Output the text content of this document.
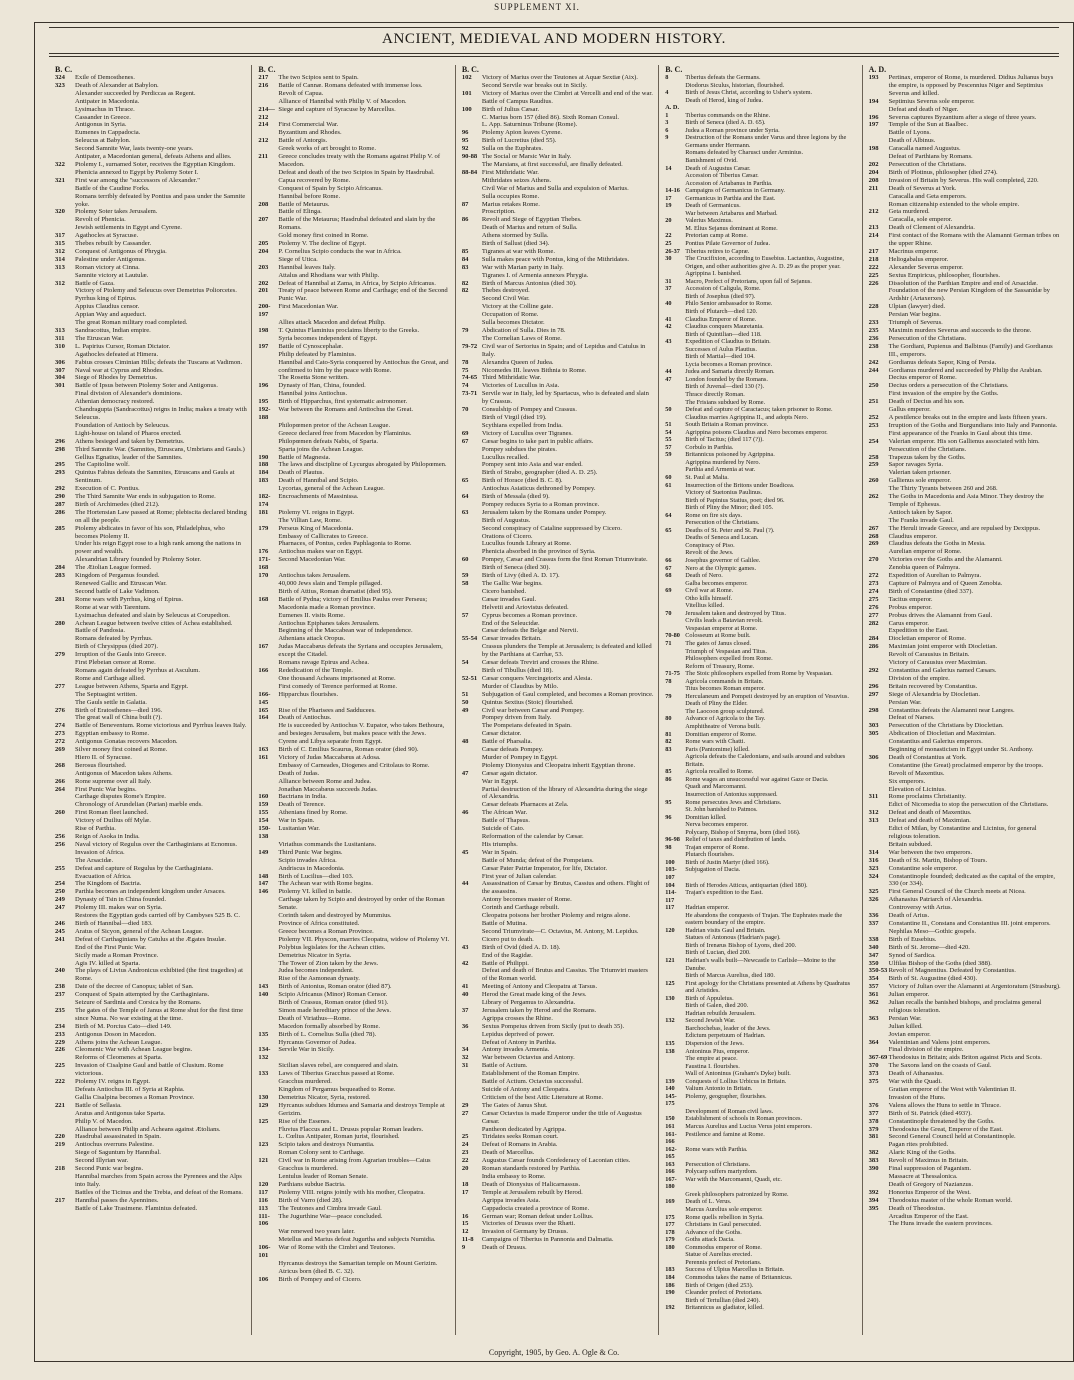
SUPPLEMENT XI.
ANCIENT, MEDIEVAL AND MODERN HISTORY.
B. C.
324	Exile of Demosthenes.
323	Death of Alexander at Babylon.
Alexander succeeded by Perdiccas as Regent.
Antipater in Macedonia.
Lysimachus in Thrace.
Cassander in Greece.
Antigonus in Syria.
Eumenes in Cappadocia.
Seleucus at Babylon.
Second Samnite War, lasts twenty-one years.
Antipater, a Macedonian general, defeats Athens and allies.
322	Ptolemy I., surnamed Soter, receives the Egyptian Kingdom.
Phenicia annexed to Egypt by Ptolemy Soter I.
321	First war among the "successors of Alexander."
Battle of the Caudine Forks.
Romans terribly defeated by Pontius and pass under the Samnite yoke.
320	Ptolemy Soter takes Jerusalem.
Revolt of Phenicia.
Jewish settlements in Egypt and Cyrene.
317	Agathocles at Syracuse.
315	Thebes rebuilt by Cassander.
312	Conquest of Antigonus of Phrygia.
314	Palestine under Antigonus.
313	Roman victory at Cinna.
Samnite victory at Lautulæ.
312	Battle of Gaza.
Victory of Ptolemy and Seleucus over Demetrius Poliorcetes.
Pyrrhus king of Epirus.
Appius Claudius censor.
Appian Way and aqueduct.
The great Roman military road completed.
313	Sandracottus, Indian empire.
311	The Etruscan War.
310	L. Papirius Cursor, Roman Dictator.
Agathocles defeated at Himera.
306	Fabius crosses Ciminian Hills; defeats the Tuscans at Vadimon.
307	Naval war at Cyprus and Rhodes.
304	Siege of Rhodes by Demetrius.
301	Battle of Ipsus between Ptolemy Soter and Antigonus.
Final division of Alexander's dominions.
Athenian democracy restored.
Chandragupta (Sandracottus) reigns in India; makes a treaty with Seleucus.
Foundation of Antioch by Seleucus.
Light-house on island of Pharos erected.
296	Athens besieged and taken by Demetrius.
298	Third Samnite War. (Samnites, Etruscans, Umbrians and Gauls.)
Gellius Egnatius, leader of the Samnites.
295	The Capitoline wolf.
293	Quintus Fabius defeats the Samnites, Etruscans and Gauls at Sentinum.
292	Execution of C. Pontius.
290	The Third Samnite War ends in subjugation to Rome.
287	Birth of Archimedes (died 212).
286	The Hortensian Law passed at Rome; plebiscita declared binding on all the people.
285	Ptolemy abdicates in favor of his son, Philadelphus, who becomes Ptolemy II.
Under his reign Egypt rose to a high rank among the nations in power and wealth.
Alexandrian Library founded by Ptolemy Soter.
284	The Ætolian League formed.
283	Kingdom of Pergamus founded.
Renewed Gallic and Etruscan War.
Second battle of Lake Vadimon.
281	Rome wars with Pyrrhus, king of Epirus.
Rome at war with Tarentum.
Lysimachus defeated and slain by Seleucus at Corupedion.
280	Achean League between twelve cities of Achea established.
Battle of Pandosia.
Romans defeated by Pyrrhus.
Birth of Chrysippus (died 207).
279	Irruption of the Gauls into Greece.
First Plebeian censor at Rome.
Romans again defeated by Pyrrhus at Asculum.
Rome and Carthage allied.
277	League between Athens, Sparta and Egypt.
The Septuagint written.
The Gauls settle in Galatia.
276	Birth of Eratosthenes—died 196.
The great wall of China built (?).
274	Battle of Beneventum. Rome victorious and Pyrrhus leaves Italy.
273	Egyptian embassy to Rome.
272	Antigonus Gonatas recovers Macedon.
269	Silver money first coined at Rome.
Hiero II. of Syracuse.
268	Berosus flourished.
Antigonus of Macedon takes Athens.
266	Rome supreme over all Italy.
264	First Punic War begins.
Carthage disputes Rome's Empire.
Chronology of Arundelian (Parian) marble ends.
260	First Roman fleet launched.
Victory of Duilius off Mylæ.
Rise of Parthia.
256	Reign of Asoka in India.
256	Naval victory of Regulus over the Carthaginians at Ecnomus.
Invasion of Africa.
The Arsacidæ.
255	Defeat and capture of Regulus by the Carthaginians.
Evacuation of Africa.
254	The Kingdom of Bactria.
250	Parthia becomes an independent kingdom under Arsaces.
249	Dynasty of Tsin in China founded.
247	Ptolemy III. makes war on Syria.
Restores the Egyptian gods carried off by Cambyses 525 B. C.
246	Birth of Hannibal—died 183.
245	Aratus of Sicyon, general of the Achean League.
241	Defeat of Carthaginians by Catulus at the Ægates Insulæ.
End of the First Punic War.
Sicily made a Roman Province.
Agis IV. killed at Sparta.
240	The plays of Livius Andronicus exhibited (the first tragedies) at Rome.
238	Date of the decree of Canopus; tablet of San.
237	Conquest of Spain attempted by the Carthaginians.
Seizure of Sardinia and Corsica by the Romans.
235	The gates of the Temple of Janus at Rome shut for the first time since Numa. No war existing at the time.
234	Birth of M. Porcius Cato—died 149.
233	Antigonus Doson in Macedon.
229	Athens joins the Achean League.
226	Cleomenic War with Achean League begins.
Reforms of Cleomenes at Sparta.
225	Invasion of Cisalpine Gaul and battle of Clusium. Rome victorious.
222	Ptolemy IV. reigns in Egypt.
Defeats Antiochus III. of Syria at Raphia.
Gallia Cisalpina becomes a Roman Province.
221	Battle of Sellasia.
Aratus and Antigonus take Sparta.
Philip V. of Macedon.
Alliance between Philip and Acheans against Ætolians.
220	Hasdrubal assassinated in Spain.
219	Antiochus overruns Palestine.
Siege of Saguntum by Hannibal.
Second Illyrian war.
218	Second Punic war begins.
Hannibal marches from Spain across the Pyrenees and the Alps into Italy.
Battles of the Ticinus and the Trebia, and defeat of the Romans.
217	Hannibal passes the Apennines.
Battle of Lake Trasimene. Flaminius defeated.
B. C.
217	The two Scipios sent to Spain.
216	Battle of Cannæ. Romans defeated with immense loss.
Revolt of Capua.
Alliance of Hannibal with Philip V. of Macedon.
214—212
Siege and capture of Syracuse by Marcellus.
214	First Commercial War.
Byzantium and Rhodes.
212	Battle of Antorgis.
Greek works of art brought to Rome.
211	Greece concludes treaty with the Romans against Philip V. of Macedon.
Defeat and death of the two Scipios in Spain by Hasdrubal.
Capua recovered by Rome.
Conquest of Spain by Scipio Africanus.
Hannibal before Rome.
208	Battle of Metaurus.
Battle of Elinga.
207	Battle of the Metaurus; Hasdrubal defeated and slain by the Romans.
Gold money first coined in Rome.
205	Ptolemy V. The decline of Egypt.
204	P. Cornelius Scipio conducts the war in Africa.
Siege of Utica.
203	Hannibal leaves Italy.
Attalus and Rhodians war with Philip.
202	Defeat of Hannibal at Zama, in Africa, by Scipio Africanus.
201	Treaty of peace between Rome and Carthage; end of the Second Punic War.
200-197
First Macedonian War.
Allies attack Macedon and defeat Philip.
198	T. Quintus Flaminius proclaims liberty to the Greeks.
Syria becomes independent of Egypt.
197	Battle of Cynoscephalæ.
Philip defeated by Flaminius.
Hannibal and Cato-Syria conquered by Antiochus the Great, and confirmed to him by the peace with Rome.
The Rosetta Stone written.
196	Dynasty of Han, China, founded.
Hannibal joins Antiochus.
195	Birth of Hipparchus, first systematic astronomer.
192-188
War between the Romans and Antiochus the Great.
Philopœmen pretor of the Achean League.
Greece declared free from Macedon by Flaminius.
Philopœmen defeats Nabis, of Sparta.
Sparta joins the Achean League.
190	Battle of Magnesia.
188	The laws and discipline of Lycurgus abrogated by Philopœmen.
184	Death of Plautus.
183	Death of Hannibal and Scipio.
Lycortas, general of the Achean League.
182-174
Encroachments of Massinissa.
181	Ptolemy VI. reigns in Egypt.
The Villian Law, Rome.
179	Perseus King of Macedonia.
Embassy of Callicrates to Greece.
Pharnaces, of Pontus, cedes Paphlagonia to Rome.
176	Antiochus makes war on Egypt.
171-168
Second Macedonian War.
170	Antiochus takes Jerusalem.
40,000 Jews slain and Temple pillaged.
Birth of Attius, Roman dramatist (died 95).
168	Battle of Pydna; victory of Emilius Paulus over Perseus; Macedonia made a Roman province.
Eumenes II. visits Rome.
Antiochus Epiphanes takes Jerusalem.
Beginning of the Maccabean war of independence.
Athenians attack Oropus.
167	Judas Maccabæus defeats the Syrians and occupies Jerusalem, except the Citadel.
Romans ravage Epirus and Achea.
166	Rededication of the Temple.
One thousand Acheans imprisoned at Rome.
First comedy of Terence performed at Rome.
166-145
Hipparchus flourishes.
165	Rise of the Pharisees and Sadducees.
164	Death of Antiochus.
He is succeeded by Antiochus V. Eupator, who takes Bethoura, and besieges Jerusalem, but makes peace with the Jews.
Cyrene and Libya separate from Egypt.
163	Birth of C. Emilius Scaurus, Roman orator (died 90).
161	Victory of Judas Maccabæus at Adosa.
Embassy of Carneades, Diogenes and Critolaus to Rome.
Death of Judas.
Alliance between Rome and Judea.
Jonathan Maccabæus succeeds Judas.
160	Bactrians in India.
159	Death of Terence.
155	Athenians fined by Rome.
154	War in Spain.
150-138
Lusitanian War.
Viriathus commands the Lusitanians.
149	Third Punic War begins.
Scipio invades Africa.
Andriscus in Macedonia.
148	Birth of Lucilius—died 103.
147	The Achean war with Rome begins.
146	Ptolemy VI. killed in battle.
Carthage taken by Scipio and destroyed by order of the Roman Senate.
Corinth taken and destroyed by Mummius.
Province of Africa constituted.
Greece becomes a Roman Province.
Ptolemy VII. Physcon, marries Cleopatra, widow of Ptolemy VI.
Polybius legislates for the Achean cities.
Demetrius Nicator in Syria.
The Tower of Zion taken by the Jews.
Judea becomes independent.
Rise of the Asmonean dynasty.
143	Birth of Antonius, Roman orator (died 87).
140	Scipio Africanus (Minor) Roman Censor.
Birth of Crassus, Roman orator (died 91).
Simon made hereditary prince of the Jews.
Death of Viriathus—Rome.
Macedon formally absorbed by Rome.
135	Birth of L. Cornelius Sulla (died 78).
Hyrcanus Governor of Judea.
134-132
Servile War in Sicily.
Sicilian slaves rebel, are conquered and slain.
133	Laws of Tiberius Gracchus passed at Rome.
Gracchus murdered.
Kingdom of Pergamus bequeathed to Rome.
130	Demetrius Nicator, Syria, restored.
129	Hyrcanus subdues Idumea and Samaria and destroys Temple at Gerizim.
125	Rise of the Essenes.
Fluvius Flaccus and L. Drusus popular Roman leaders.
L. Cœlius Antipater, Roman jurist, flourished.
123	Scipio takes and destroys Numantia.
Roman Colony sent to Carthage.
121	Civil war in Rome arising from Agrarian troubles—Caius Gracchus is murdered.
Lentulus leader of Roman Senate.
120	Parthians subdue Bactria.
117	Ptolemy VIII. reigns jointly with his mother, Cleopatra.
116	Birth of Varro (died 28).
113	The Teutones and Cimbra invade Gaul.
111-106
The Jugurthine War—peace concluded.
War renewed two years later.
Metellus and Marius defeat Jugurtha and subjects Numidia.
106-101
War of Rome with the Cimbri and Teutones.
Hyrcanus destroys the Samaritan temple on Mount Gerizim.
Atricus born (died B. C. 32).
106	Birth of Pompey and of Cicero.
B. C.
102	Victory of Marius over the Teutones at Aquæ Sextiæ (Aix).
Second Servile war breaks out in Sicily.
101	Victory of Marius over the Cimbri at Vercelli and end of the war.
Battle of Campus Raudius.
100	Birth of Julius Cæsar.
C. Marius born 157 (died 86). Sixth Roman Consul.
L. App. Saturninus Tribune (Rome).
96	Ptolemy Apion leaves Cyrene.
95	Birth of Lucretius (died 55).
92	Sulla on the Euphrates.
90-88 The Social or Marsic War in Italy.
The Marsians, at first successful, are finally defeated.
88-84 First Mithridatic War.
Mithridates seizes Athens.
Civil War of Marius and Sulla and expulsion of Marius.
Sulla occupies Rome.
87	Marius retakes Rome.
Proscription.
86	Revolt and Siege of Egyptian Thebes.
Death of Marius and return of Sulla.
Athens stormed by Sulla.
Birth of Sallust (died 34).
85	Tigranes at war with Rome.
84	Sulla makes peace with Pontus, king of the Mithridates.
83	War with Marian party in Italy.
Tigranes I. of Armenia annexes Phrygia.
82	Birth of Marcus Antonius (died 30).
82	Thebes destroyed.
Second Civil War.
Victory at the Colline gate.
Occupation of Rome.
Sulla becomes Dictator.
79	Abdication of Sulla. Dies in 78.
The Cornelian Laws of Rome.
79-72 Civil war of Sertorius in Spain; and of Lepidus and Catulus in Italy.
78	Alexandra Queen of Judea.
75	Nicomedes III. leaves Bithnia to Rome.
74-65 Third Mithridatic War.
74	Victories of Lucullus in Asia.
73-71 Servile war in Italy, led by Spartacus, who is defeated and slain by Crassus.
70	Consulship of Pompey and Crassus.
Birth of Virgil (died 19).
Scythians expelled from India.
69	Victory of Lucullus over Tigranes.
67	Cæsar begins to take part in public affairs.
Pompey subdues the pirates.
Lucullus recalled.
Pompey sent into Asia and war ended.
Birth of Strabo, geographer (died A. D. 25).
65	Birth of Horace (died B. C. 8).
Antiochus Asiaticus dethroned by Pompey.
64	Birth of Messala (died 9).
Pompey reduces Syria to a Roman province.
63	Jerusalem taken by the Romans under Pompey.
Birth of Augustus.
Second conspiracy of Cataline suppressed by Cicero.
Orations of Cicero.
Lucullus founds Library at Rome.
Phenicia absorbed in the province of Syria.
60	Pompey, Cæsar and Crassus form the first Roman Triumvirate.
Birth of Seneca (died 30).
59	Birth of Livy (died A. D. 17).
58	The Gallic War begins.
Cicero banished.
Cæsar invades Gaul.
Helvetii and Ariovistus defeated.
57	Cyprus becomes a Roman province.
End of the Seleucidæ.
Cæsar defeats the Belgæ and Nervii.
55-54 Cæsar invades Britain.
Crassus plunders the Temple at Jerusalem; is defeated and killed by the Parthians at Carrhæ, 53.
54	Cæsar defeats Treviri and crosses the Rhine.
Birth of Tibullus (died 18).
52-51 Cæsar conquers Vercingetorix and Alesia.
Murder of Claudius by Milo.
51	Subjugation of Gaul completed, and becomes a Roman province.
50	Quintus Sextius (Stoic) flourished.
49	Civil war between Cæsar and Pompey.
Pompey driven from Italy.
The Pompeians defeated in Spain.
Cæsar dictator.
48	Battle of Pharsalia.
Cæsar defeats Pompey.
Murder of Pompey in Egypt.
Ptolemy Dionysius and Cleopatra inherit Egyptian throne.
47	Cæsar again dictator.
War in Egypt.
Partial destruction of the library of Alexandria during the siege of Alexandria.
Cæsar defeats Pharnaces at Zela.
46	The African War.
Battle of Thapsus.
Suicide of Cato.
Reformation of the calendar by Cæsar.
His triumphs.
45	War in Spain.
Battle of Munda; defeat of the Pompeians.
Cæsar Pater Patriæ Imperator, for life, Dictator.
First year of Julian calendar.
44	Assassination of Cæsar by Brutus, Cassius and others. Flight of the assassins.
Antony becomes master of Rome.
Corinth and Carthage rebuilt.
Cleopatra poisons her brother Ptolemy and reigns alone.
Battle of Mutina.
Second Triumvirate—C. Octavius, M. Antony, M. Lepidus.
Cicero put to death.
43	Birth of Ovid (died A. D. 18).
End of the Ragidæ.
42	Battle of Philippi.
Defeat and death of Brutus and Cassius. The Triumviri masters of the Roman world.
41	Meeting of Antony and Cleopatra at Tarsus.
40	Herod the Great made king of the Jews.
Library of Pergamus to Alexandria.
37	Jerusalem taken by Herod and the Romans.
Agrippa crosses the Rhine.
36	Sextus Pompeius driven from Sicily (put to death 35).
Lepidus deprived of power.
Defeat of Antony in Parthia.
34	Antony invades Armenia.
32	War between Octavius and Antony.
31	Battle of Actium.
Establishment of the Roman Empire.
Battle of Actium. Octavius successful.
Suicide of Antony and Cleopatra.
Criticism of the best Attic Literature at Rome.
29	The Gates of Janus Shut.
27	Cæsar Octavius is made Emperor under the title of Augustus Cæsar.
Pantheon dedicated by Agrippa.
25	Tiridates seeks Roman court.
24	Defeat of Romans in Arabia.
23	Death of Marcellus.
22	Augustus Cæsar founds Confederacy of Laconian cities.
20	Roman standards restored by Parthia.
India embassy to Rome.
18	Death of Dionysius of Halicarnassus.
17	Temple at Jerusalem rebuilt by Herod.
Agrippa invades Asia.
Cappadocia created a province of Rome.
16	German war; Roman defeat under Lollius.
15	Victories of Drusus over the Rhæti.
12	Invasion of Germany by Drusus.
11-8	Campaigns of Tiberius in Pannonia and Dalmatia.
9	Death of Drusus.
B. C.
8	Tiberius defeats the Germans.
Diodorus Siculus, historian, flourished.
4	Birth of Jesus Christ, according to Usher's system.
Death of Herod, king of Judea.
A. D.
1	Tiberius commands on the Rhine.
3	Birth of Seneca (died A. D. 65).
6	Judea a Roman province under Syria.
9	Destruction of the Romans under Varus and three legions by the Germans under Hermann.
Romans defeated by Charusci under Arminius.
Banishment of Ovid.
14	Death of Augustus Cæsar.
Accession of Tiberius Cæsar.
Accession of Artabanus in Parthia.
14-16 Campaigns of Germanicus in Germany.
17	Germanicus in Parthia and the East.
19	Death of Germanicus.
War between Artabarus and Marbad.
20	Valerius Maximus.
M. Elius Sejanus dominant at Rome.
22	Pretorian camp at Rome.
25	Pontius Pilate Governor of Judea.
26-37 Tiberius retires to Capræ.
30	The Crucifixion, according to Eusebius. Lactantius, Augustine, Origen, and other authorities give A. D. 29 as the proper year.
Agrippina I. banished.
31	Macro, Prefect of Pretorians, upon fall of Sejanus.
37	Accession of Caligula, Rome.
Birth of Josephus (died 97).
40	Philo Senior ambassador to Rome.
Birth of Plutarch—died 120.
41	Claudius Emperor of Rome.
42	Claudius conquers Mauretania.
Birth of Quintilian—died 118.
43	Expedition of Claudius to Britain.
Successes of Aulus Plautius.
Birth of Martial—died 104.
Lycia becomes a Roman province.
44	Judea and Samaria directly Roman.
47	London founded by the Romans.
Birth of Juvenal—died 130 (?).
Thrace directly Roman.
The Frisians subdued by Rome.
50	Defeat and capture of Caractacus; taken prisoner to Rome.
Claudius marries Agrippina II., and adopts Nero.
51	South Britain a Roman province.
54	Agrippina poisons Claudius and Nero becomes emperor.
55	Birth of Tacitus; (died 117 (?)).
57	Corbulo in Parthia.
59	Britannicus poisoned by Agrippina.
Agrippina murdered by Nero.
Parthia and Armenia at war.
60	St. Paul at Malta.
61	Insurrection of the Britons under Boadicea.
Victory of Suetonius Paulinus.
Birth of Papinius Statius, poet; died 96.
Birth of Pliny the Minor; died 105.
64	Rome on fire six days.
Persecution of the Christians.
65	Deaths of St. Peter and St. Paul (?).
Deaths of Seneca and Lucan.
Conspiracy of Piso.
Revolt of the Jews.
66	Josephus governor of Galilee.
67	Nero at the Olympic games.
68	Death of Nero.
Galba becomes emperor.
69	Civil war at Rome.
Otho kills himself.
Vitellius killed.
70	Jerusalem taken and destroyed by Titus.
Civilis leads a Batavian revolt.
Vespasian emperor at Rome.
70-80 Colosseum at Rome built.
71	The gates of Janus closed.
Triumph of Vespasian and Titus.
Philosophers expelled from Rome.
Reform of Treasury, Rome.
71-75 The Stoic philosophers expelled from Rome by Vespasian.
78	Agricola commands in Britain.
Titus becomes Roman emperor.
79	Herculaneum and Pompeii destroyed by an eruption of Vesuvius.
Death of Pliny the Elder.
The Laocoon group sculptured.
80	Advance of Agricola to the Tay.
Amphitheatre of Verona built.
81	Domitian emperor of Rome.
82	Rome wars with Chatti.
83	Paris (Pantomime) killed.
Agricola defeats the Caledonians, and sails around and subdues Britain.
85	Agricola recalled to Rome.
86	Rome wages an unsuccessful war against Gaze or Dacia.
Quadi and Marcomanni.
Insurrection of Antonius suppressed.
95	Rome persecutes Jews and Christians.
St. John banished to Patmos.
96	Domitian killed.
Nerva becomes emperor.
Polycarp, Bishop of Smyrna, born (died 166).
96-98 Relief of taxes and distribution of lands.
98	Trajan emperor of Rome.
Plutarch flourishes.
100	Birth of Justin Martyr (died 166).
103-107
Subjugation of Dacia.
104	Birth of Herodes Atticus, antiquarian (died 180).
114-117
Trajan's expedition to the East.
117	Hadrian emperor.
He abandons the conquests of Trajan. The Euphrates made the eastern boundary of the empire.
120	Hadrian visits Gaul and Britain.
Statues of Antonous (Hadrian's page).
Birth of Irenæus Bishop of Lyons, died 200.
Birth of Lucian, died 200.
121	Hadrian's walls built—Newcastle to Carlisle—Moine to the Danube.
Birth of Marcus Aurelius, died 180.
125	First apology for the Christians presented at Athens by Quadratus and Aristides.
130	Birth of Appuleius.
Birth of Galen, died 200.
Hadrian rebuilds Jerusalem.
132	Second Jewish War.
Barchochebas, leader of the Jews.
Edictum perpetuum of Hadrian.
135	Dispersion of the Jews.
138	Antoninus Pius, emperor.
The empire at peace.
Faustina I. flourishes.
Wall of Antoninus (Graham's Dyke) built.
139	Conquests of Lollius Urbicus in Britain.
140	Valium Antonio in Britain.
145-175
Ptolemy, geographer, flourishes.
Development of Roman civil laws.
150	Establishment of schools in Roman provinces.
161	Marcus Aurelius and Lucius Verus joint emperors.
161-166
Pestilence and famine at Rome.
162-165
Rome wars with Parthia.
163	Persecution of Christians.
166	Polycarp suffers martyrdom.
167-180
War with the Marcomanni, Quadi, etc.
Greek philosophers patronized by Rome.
169	Death of L. Verus.
Marcus Aurelius sole emperor.
175	Rome quells rebellion in Syria.
177	Christians in Gaul persecuted.
178	Advance of the Goths.
179	Goths attack Dacia.
180	Commodus emperor of Rome.
Statue of Aurelius erected.
Perennis prefect of Pretorians.
183	Success of Ulpius Marcellus in Britain.
184	Commodus takes the name of Britannicus.
186	Birth of Origen (died 253).
190	Cleander prefect of Pretorians.
Birth of Tertullian (died 240).
192	Britannicus as gladiator, killed.
A. D.
193	Pertinax, emperor of Rome, is murdered. Didius Julianus buys the empire, is opposed by Pescennius Niger and Septimius Severus and killed.
194	Septimius Severus sole emperor.
Defeat and death of Niger.
196	Severus captures Byzantium after a siege of three years.
197	Temple of the Sun at Baalbec.
Battle of Lyons.
Death of Albinus.
198	Caracalla named Augustus.
Defeat of Parthians by Romans.
202	Persecution of the Christians.
204	Birth of Plotinus, philosopher (died 274).
208	Invasion of Britain by Severus. His wall completed, 220.
211	Death of Severus at York.
Caracalla and Geta emperors.
Roman citizenship extended to the whole empire.
212	Geta murdered.
Caracalla, sole emperor.
213	Death of Clement of Alexandria.
214	First contact of the Romans with the Alamanni German tribes on the upper Rhine.
217	Macrinus emperor.
218	Heliogabalus emperor.
222	Alexander Severus emperor.
225	Sextus Empiricus, philosopher, flourishes.
226	Dissolution of the Parthian Empire and end of Arsacidæ.
Foundation of the new Persian Kingdom of the Sassanidæ by Ardshir (Artaxerxes).
228	Ulpian (lawyer) died.
Persian War begins.
233	Triumph of Severus.
235	Maximin murders Severus and succeeds to the throne.
236	Persecution of the Christians.
238	The Gordiani, Pupienus and Balbinus (Family) and Gordianus III., emperors.
242	Gordianus defeats Sapor, King of Persia.
244	Gordianus murdered and succeeded by Philip the Arabian.
Decius emperor of Rome.
250	Decius orders a persecution of the Christians.
First invasion of the empire by the Goths.
251	Death of Decius and his son.
Gallus emperor.
252	A pestilence breaks out in the empire and lasts fifteen years.
253	Irruption of the Goths and Burgundians into Italy and Pannonia.
First appearance of the Franks in Gaul about this time.
254	Valerian emperor. His son Gallienus associated with him.
Persecution of the Christians.
258	Trapezus taken by the Goths.
259	Sapor ravages Syria.
Valerian taken prisoner.
260	Gallienus sole emperor.
The Thirty Tyrants between 260 and 268.
262	The Goths in Macedonia and Asia Minor. They destroy the Temple of Ephesus.
Antioch taken by Sapor.
The Franks invade Gaul.
267	The Heruli invade Greece, and are repulsed by Dexippus.
268	Claudius emperor.
269	Claudius defeats the Goths in Mesia.
Aurelian emperor of Rome.
270	Victories over the Goths and the Alamanni.
Zenobia queen of Palmyra.
272	Expedition of Aurelian to Palmyra.
273	Capture of Palmyra and of Queen Zenobia.
274	Birth of Constantine (died 337).
275	Tacitus emperor.
276	Probus emperor.
277	Probus drives the Alamanni from Gaul.
282	Carus emperor.
Expedition to the East.
284	Diocletian emperor of Rome.
286	Maximian joint emperor with Diocletian.
Revolt of Carausius in Britain.
Victory of Carausius over Maximian.
292	Constantius and Galerius named Cæsars.
Division of the empire.
296	Britain recovered by Constantius.
297	Siege of Alexandria by Diocletian.
Persian War.
298	Constantius defeats the Alamanni near Langres.
Defeat of Narses.
303	Persecution of the Christians by Diocletian.
305	Abdication of Diocletian and Maximian.
Constantius and Galerius emperors.
Beginning of monasticism in Egypt under St. Anthony.
306	Death of Constantius at York.
Constantine (the Great) proclaimed emperor by the troops.
Revolt of Maxentius.
Six emperors.
Elevation of Licinius.
311	Rome proclaims Christianity.
Edict of Nicomedia to stop the persecution of the Christians.
312	Defeat and death of Maxentius.
313	Defeat and death of Maximian.
Edict of Milan, by Constantine and Licinius, for general religious toleration.
Britain subdued.
314	War between the two emperors.
316	Death of St. Martin, Bishop of Tours.
323	Constantine sole emperor.
324	Constantinople founded; dedicated as the capital of the empire, 330 (or 334).
325	First General Council of the Church meets at Nicea.
326	Athanasius Patriarch of Alexandria.
Controversy with Arius.
336	Death of Arius.
337	Constantine II., Constans and Constantius III. joint emperors.
Nephilas Meso—Gothic gospels.
338	Birth of Eusebius.
340	Birth of St. Jerome—died 420.
347	Synod of Sardica.
350	Ulfilas Bishop of the Goths (died 388).
350-53 Revolt of Magnentius. Defeated by Constantius.
354	Birth of St. Augustine (died 430).
357	Victory of Julian over the Alamanni at Argentoratum (Strasburg).
361	Julian emperor.
362	Julian recalls the banished bishops, and proclaims general religious toleration.
363	Persian War.
Julian killed.
Jovian emperor.
364	Valentinian and Valens joint emperors.
Final division of the empire.
367-69 Theodosius in Britain; aids Briton against Picts and Scots.
370	The Saxons land on the coasts of Gaul.
373	Death of Athanasius.
375	War with the Quadi.
Gratian emperor of the West with Valentinian II.
Invasion of the Huns.
376	Valens allows the Huns to settle in Thrace.
377	Birth of St. Patrick (died 493?).
378	Constantinople threatened by the Goths.
379	Theodosius the Great, Emperor of the East.
381	Second General Council held at Constantinople.
Pagan rites prohibited.
382	Alaric King of the Goths.
383	Revolt of Maximus in Britain.
390	Final suppression of Paganism.
Massacre at Thessalonica.
Death of Gregory of Nazianzus.
392	Honorius Emperor of the West.
394	Theodosius master of the whole Roman world.
395	Death of Theodosius.
Arcadius Emperor of the East.
The Huns invade the eastern provinces.
Copyright, 1905, by Geo. A. Ogle & Co.
